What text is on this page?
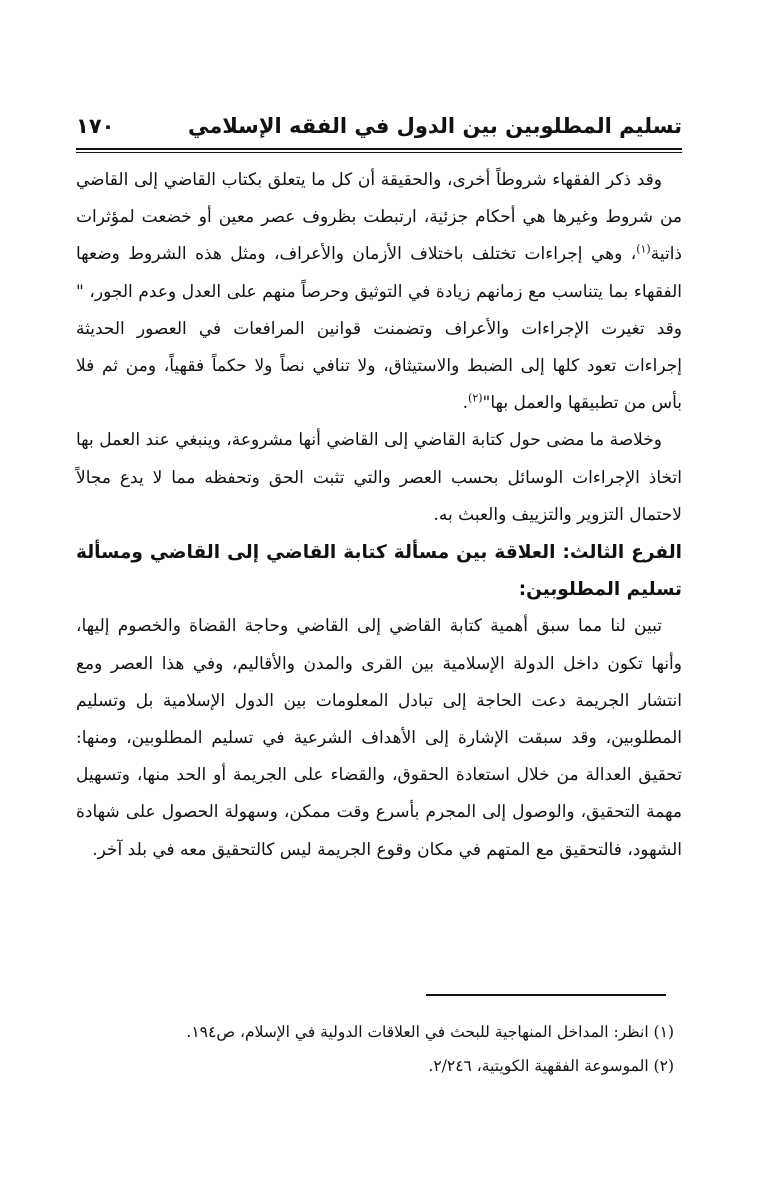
تسليم المطلوبين بين الدول في الفقه الإسلامي
١٧٠

وقد ذكر الفقهاء شروطاً أخرى، والحقيقة أن كل ما يتعلق بكتاب القاضي إلى القاضي من شروط وغيرها هي أحكام جزئية، ارتبطت بظروف عصر معين أو خضعت لمؤثرات ذاتية$^{(١)}$، وهي إجراءات تختلف باختلاف الأزمان والأعراف، ومثل هذه الشروط وضعها الفقهاء بما يتناسب مع زمانهم زيادة في التوثيق وحرصاً منهم على العدل وعدم الجور، " وقد تغيرت الإجراءات والأعراف وتضمنت قوانين المرافعات في العصور الحديثة إجراءات تعود كلها إلى الضبط والاستيثاق، ولا تنافي نصاً ولا حكماً فقهياً، ومن ثم فلا بأس من تطبيقها والعمل بها"$^{(٢)}$.

وخلاصة ما مضى حول كتابة القاضي إلى القاضي أنها مشروعة، وينبغي عند العمل بها اتخاذ الإجراءات الوسائل بحسب العصر والتي تثبت الحق وتحفظه مما لا يدع مجالاً لاحتمال التزوير والتزييف والعبث به.

الفرع الثالث: العلاقة بين مسألة كتابة القاضي إلى القاضي ومسألة تسليم المطلوبين:

تبين لنا مما سبق أهمية كتابة القاضي إلى القاضي وحاجة القضاة والخصوم إليها، وأنها تكون داخل الدولة الإسلامية بين القرى والمدن والأقاليم، وفي هذا العصر ومع انتشار الجريمة دعت الحاجة إلى تبادل المعلومات بين الدول الإسلامية بل وتسليم المطلوبين، وقد سبقت الإشارة إلى الأهداف الشرعية في تسليم المطلوبين، ومنها: تحقيق العدالة من خلال استعادة الحقوق، والقضاء على الجريمة أو الحد منها، وتسهيل مهمة التحقيق، والوصول إلى المجرم بأسرع وقت ممكن، وسهولة الحصول على شهادة الشهود، فالتحقيق مع المتهم في مكان وقوع الجريمة ليس كالتحقيق معه في بلد آخر.

(١) انظر: المداخل المنهاجية للبحث في العلاقات الدولية في الإسلام، ص١٩٤.
(٢) الموسوعة الفقهية الكويتية، ٢/٢٤٦.
